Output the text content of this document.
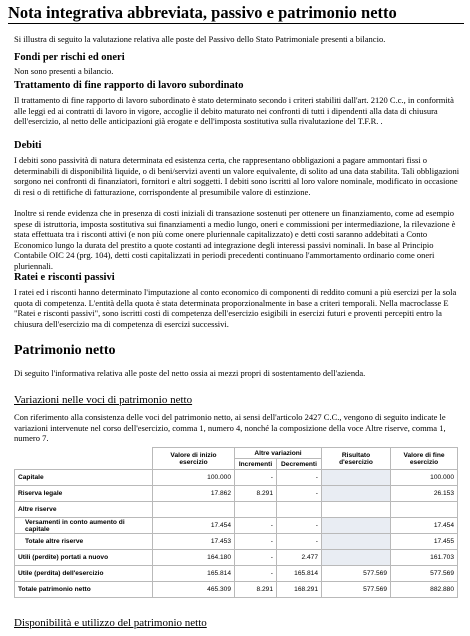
Nota integrativa abbreviata, passivo e patrimonio netto

Si illustra di seguito la valutazione relativa alle poste del Passivo dello Stato Patrimoniale presenti a bilancio.

Fondi per rischi ed oneri

Non sono presenti a bilancio.

Trattamento di fine rapporto di lavoro subordinato

Il trattamento di fine rapporto di lavoro subordinato è stato determinato secondo i criteri stabiliti dall'art. 2120 C.c., in conformità alle leggi ed ai contratti di lavoro in vigore, accoglie il debito maturato nei confronti di tutti i dipendenti alla data di chiusura dell'esercizio, al netto delle anticipazioni già erogate e dell'imposta sostitutiva sulla rivalutazione del T.F.R. .

Debiti

I debiti sono passività di natura determinata ed esistenza certa, che rappresentano obbligazioni a pagare ammontari fissi o determinabili di disponibilità liquide, o di beni/servizi aventi un valore equivalente, di solito ad una data stabilita. Tali obbligazioni sorgono nei confronti di finanziatori, fornitori e altri soggetti. I debiti sono iscritti al loro valore nominale, modificato in occasione di resi o di rettifiche di fatturazione, corrispondente al presumibile valore di estinzione.

Inoltre si rende evidenza che in presenza di costi iniziali di transazione sostenuti per ottenere un finanziamento, come ad esempio spese di istruttoria, imposta sostitutiva sui finanziamenti a medio lungo, oneri e commissioni per intermediazione, la rilevazione è stata effettuata tra i risconti attivi (e non più come onere pluriennale capitalizzato) e detti costi saranno addebitati a Conto Economico lungo la durata del prestito a quote costanti ad integrazione degli interessi passivi nominali. In base al Principio Contabile OIC 24 (prg. 104), detti costi capitalizzati in periodi precedenti continuano l'ammortamento ordinario come oneri pluriennali.

Ratei e risconti passivi

I ratei ed i risconti hanno determinato l'imputazione al conto economico di componenti di reddito comuni a più esercizi per la sola quota di competenza. L'entità della quota è stata determinata proporzionalmente in base a criteri temporali. Nella macroclasse E "Ratei e risconti passivi", sono iscritti costi di competenza dell'esercizio esigibili in esercizi futuri e proventi percepiti entro la chiusura dell'esercizio ma di competenza di esercizi successivi.

Patrimonio netto

Di seguito l'informativa relativa alle poste del netto ossia ai mezzi propri di sostentamento dell'azienda.

Variazioni nelle voci di patrimonio netto

Con riferimento alla consistenza delle voci del patrimonio netto, ai sensi dell'articolo 2427 C.C., vengono di seguito indicate le variazioni intervenute nel corso dell'esercizio, comma 1, numero 4, nonché la composizione della voce Altre riserve, comma 1, numero 7.

	Valore di inizio esercizio	Altre variazioni		Risultato d'esercizio	Valore di fine esercizio
		Incrementi	Decrementi		
Capitale	100.000	-	-		100.000
Riserva legale	17.862	8.291	-		26.153
Altre riserve					
Versamenti in conto aumento di capitale	17.454	-	-		17.454
Totale altre riserve	17.453	-	-		17.455
Utili (perdite) portati a nuovo	164.180	-	2.477		161.703
Utile (perdita) dell'esercizio	165.814	-	165.814	577.569	577.569
Totale patrimonio netto	465.309	8.291	168.291	577.569	882.880

Disponibilità e utilizzo del patrimonio netto
